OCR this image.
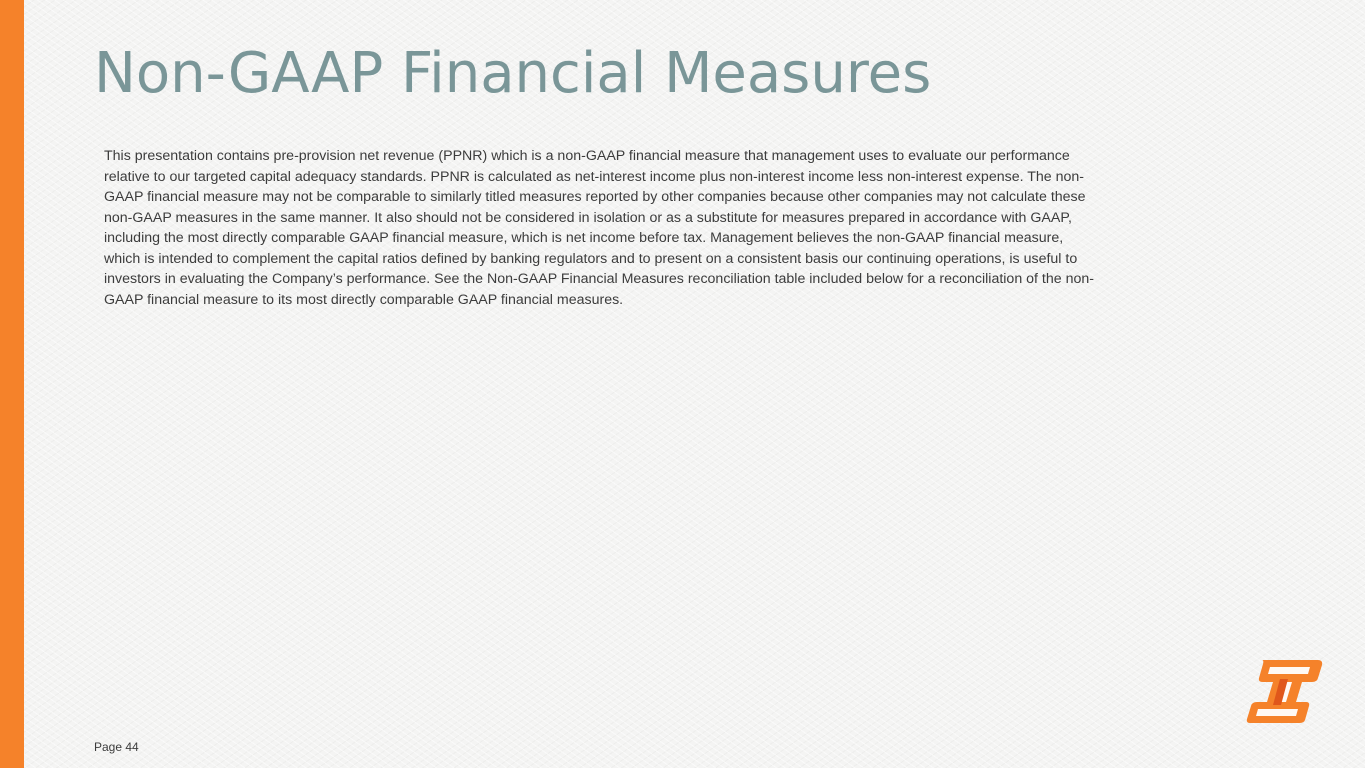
Non-GAAP Financial Measures

This presentation contains pre-provision net revenue (PPNR) which is a non-GAAP financial measure that management uses to evaluate our performance relative to our targeted capital adequacy standards. PPNR is calculated as net-interest income plus non-interest income less non-interest expense. The non-GAAP financial measure may not be comparable to similarly titled measures reported by other companies because other companies may not calculate these non-GAAP measures in the same manner. It also should not be considered in isolation or as a substitute for measures prepared in accordance with GAAP, including the most directly comparable GAAP financial measure, which is net income before tax. Management believes the non-GAAP financial measure, which is intended to complement the capital ratios defined by banking regulators and to present on a consistent basis our continuing operations, is useful to investors in evaluating the Company’s performance. See the Non-GAAP Financial Measures reconciliation table included below for a reconciliation of the non-GAAP financial measure to its most directly comparable GAAP financial measures.

Page 44
